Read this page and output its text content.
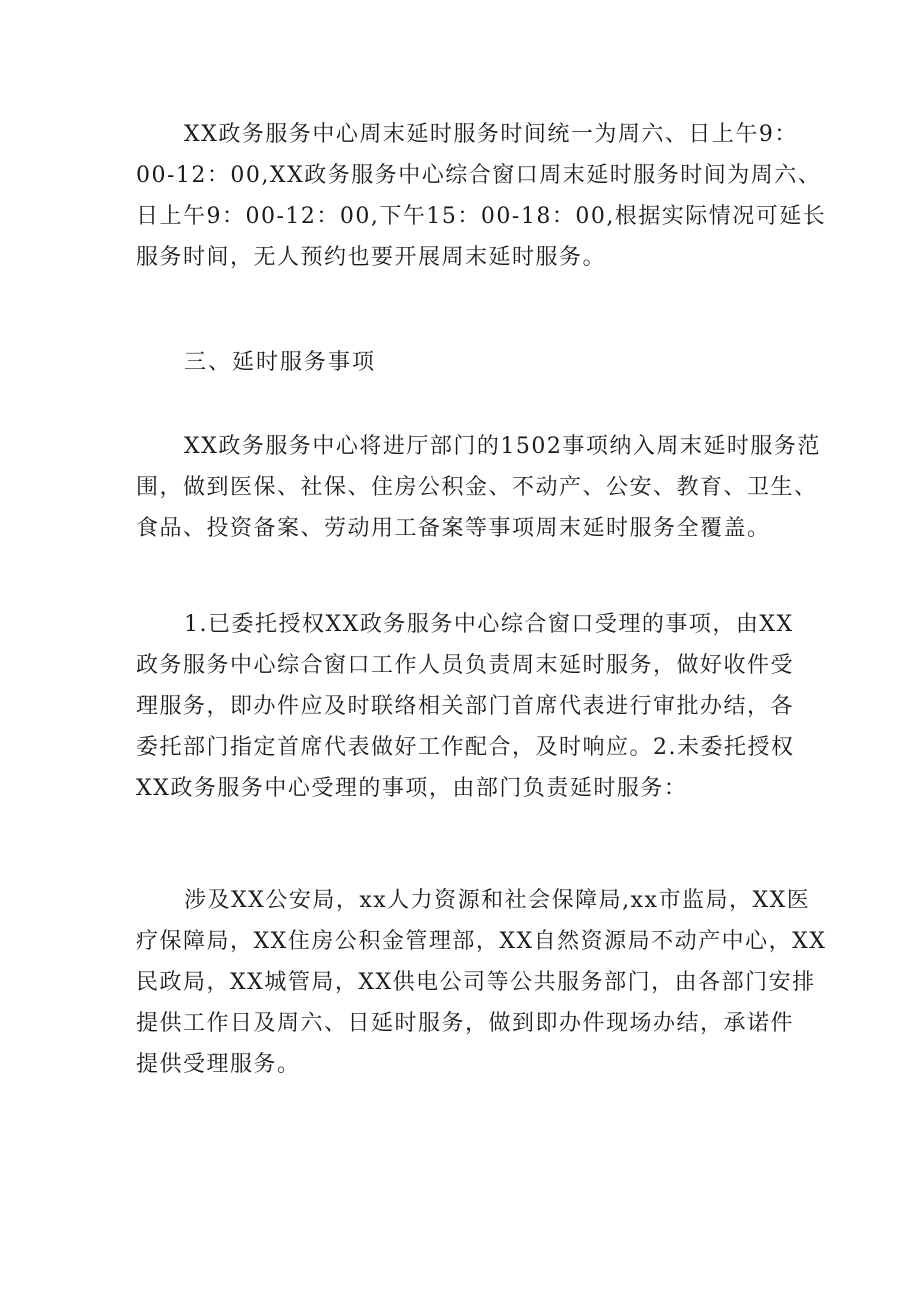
XX政务服务中心周末延时服务时间统一为周六、日上午9：
00-12：00,XX政务服务中心综合窗口周末延时服务时间为周六、
日上午9：00-12：00,下午15：00-18：00,根据实际情况可延长
服务时间，无人预约也要开展周末延时服务。

三、延时服务事项

XX政务服务中心将进厅部门的1502事项纳入周末延时服务范
围，做到医保、社保、住房公积金、不动产、公安、教育、卫生、
食品、投资备案、劳动用工备案等事项周末延时服务全覆盖。

1.已委托授权XX政务服务中心综合窗口受理的事项，由XX
政务服务中心综合窗口工作人员负责周末延时服务，做好收件受
理服务，即办件应及时联络相关部门首席代表进行审批办结，各
委托部门指定首席代表做好工作配合，及时响应。2.未委托授权
XX政务服务中心受理的事项，由部门负责延时服务：

涉及XX公安局，xx人力资源和社会保障局,xx市监局，XX医
疗保障局，XX住房公积金管理部，XX自然资源局不动产中心，XX
民政局，XX城管局，XX供电公司等公共服务部门，由各部门安排
提供工作日及周六、日延时服务，做到即办件现场办结，承诺件
提供受理服务。
